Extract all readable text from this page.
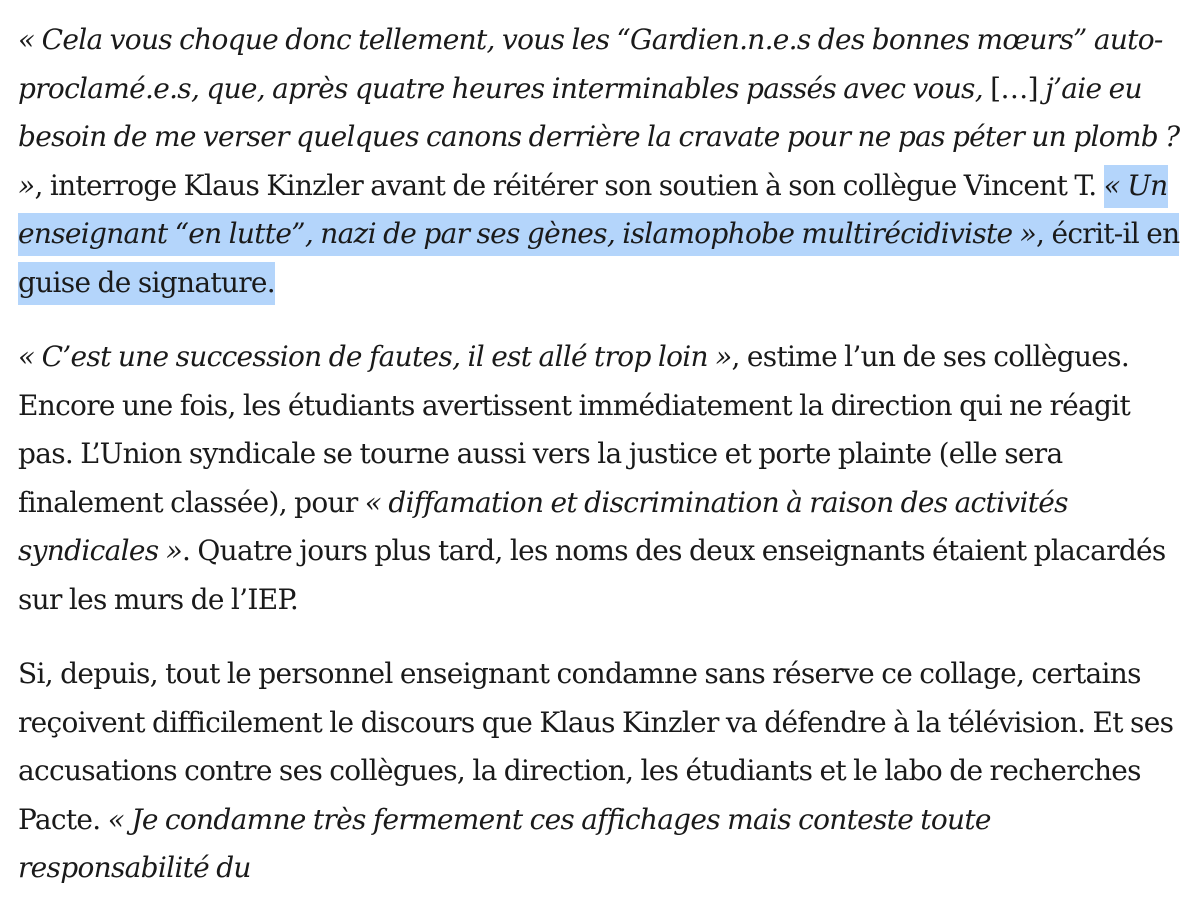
« Cela vous choque donc tellement, vous les “Gardien.n.e.s des bonnes mœurs” auto-proclamé.e.s, que, après quatre heures interminables passés avec vous, […] j’aie eu besoin de me verser quelques canons derrière la cravate pour ne pas péter un plomb ? », interroge Klaus Kinzler avant de réitérer son soutien à son collègue Vincent T. « Un enseignant “en lutte”, nazi de par ses gènes, islamophobe multirécidiviste », écrit-il en guise de signature.

« C’est une succession de fautes, il est allé trop loin », estime l’un de ses collègues. Encore une fois, les étudiants avertissent immédiatement la direction qui ne réagit pas. L’Union syndicale se tourne aussi vers la justice et porte plainte (elle sera finalement classée), pour « diffamation et discrimination à raison des activités syndicales ». Quatre jours plus tard, les noms des deux enseignants étaient placardés sur les murs de l’IEP.

Si, depuis, tout le personnel enseignant condamne sans réserve ce collage, certains reçoivent difficilement le discours que Klaus Kinzler va défendre à la télévision. Et ses accusations contre ses collègues, la direction, les étudiants et le labo de recherches Pacte. « Je condamne très fermement ces affichages mais conteste toute responsabilité du
